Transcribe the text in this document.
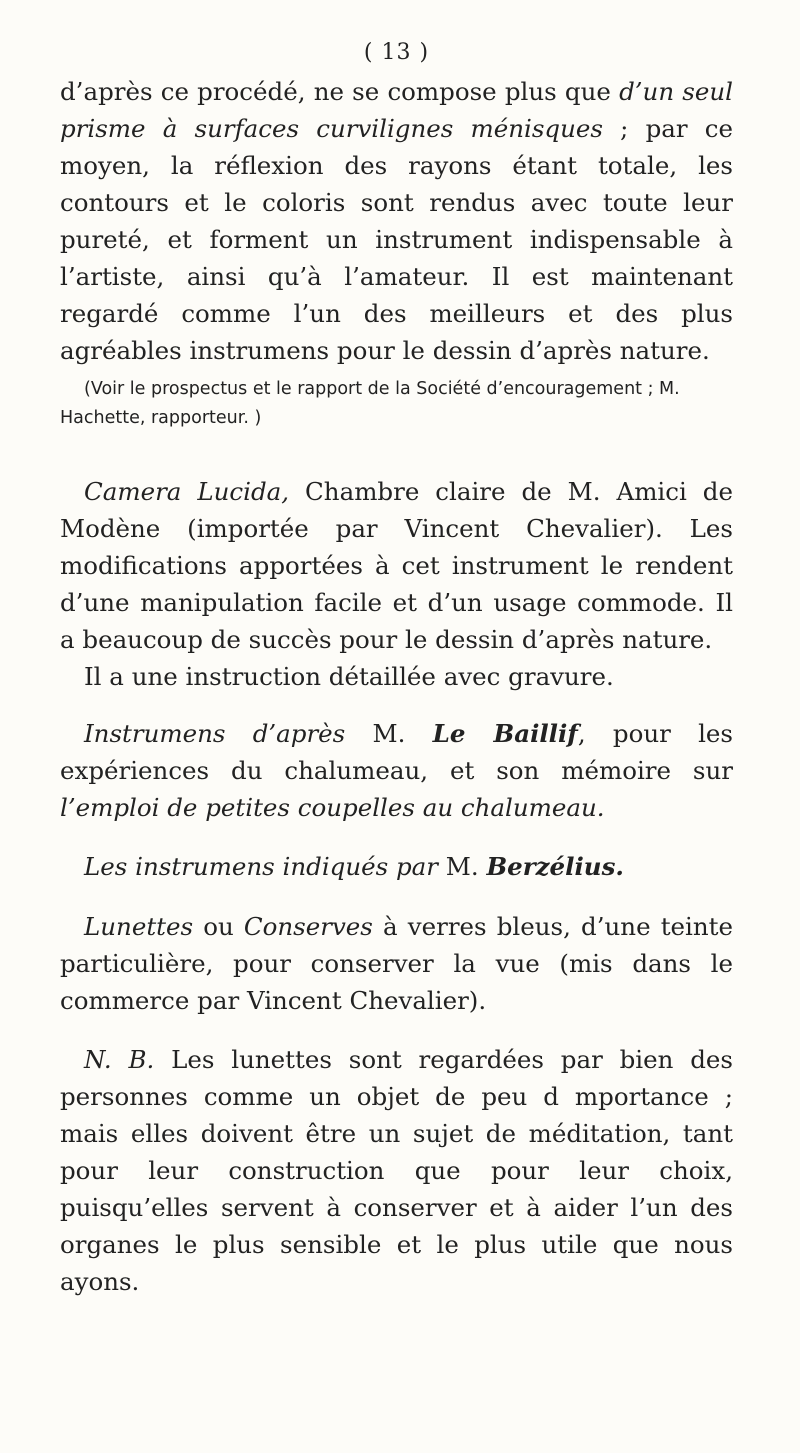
( 13 )

d’après ce procédé, ne se compose plus que d’un seul prisme à surfaces curvilignes ménisques ; par ce moyen, la réflexion des rayons étant totale, les contours et le coloris sont rendus avec toute leur pureté, et forment un instrument indispensable à l’artiste, ainsi qu’à l’amateur. Il est maintenant regardé comme l’un des meilleurs et des plus agréables instrumens pour le dessin d’après nature.

(Voir le prospectus et le rapport de la Société d’encouragement ; M. Hachette, rapporteur. )

Camera Lucida, Chambre claire de M. Amici de Modène (importée par Vincent Chevalier). Les modifications apportées à cet instrument le rendent d’une manipulation facile et d’un usage commode. Il a beaucoup de succès pour le dessin d’après nature.

Il a une instruction détaillée avec gravure.

Instrumens d’après M. Le Baillif, pour les expériences du chalumeau, et son mémoire sur l’emploi de petites coupelles au chalumeau.

Les instrumens indiqués par M. Berzélius.

Lunettes ou Conserves à verres bleus, d’une teinte particulière, pour conserver la vue (mis dans le commerce par Vincent Chevalier).

N. B. Les lunettes sont regardées par bien des personnes comme un objet de peu d mportance ; mais elles doivent être un sujet de méditation, tant pour leur construction que pour leur choix, puisqu’elles servent à conserver et à aider l’un des organes le plus sensible et le plus utile que nous ayons.
